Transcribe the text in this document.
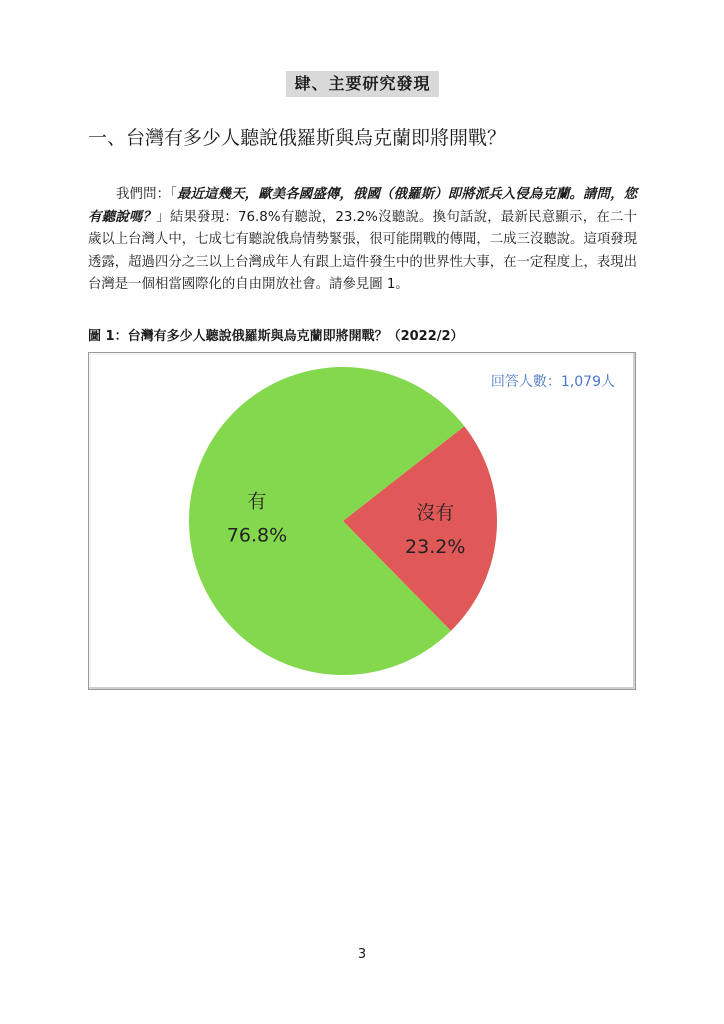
肆、主要研究發現
一、台灣有多少人聽說俄羅斯與烏克蘭即將開戰？

我們問：「最近這幾天，歐美各國盛傳，俄國（俄羅斯）即將派兵入侵烏克蘭。請問，您有聽說嗎？」結果發現：76.8%有聽說，23.2%沒聽說。換句話說，最新民意顯示，在二十歲以上台灣人中，七成七有聽說俄烏情勢緊張，很可能開戰的傳聞，二成三沒聽說。這項發現透露，超過四分之三以上台灣成年人有跟上這件發生中的世界性大事，在一定程度上，表現出台灣是一個相當國際化的自由開放社會。請參見圖 1。

圖 1：台灣有多少人聽說俄羅斯與烏克蘭即將開戰？（2022/2）
沒有
23.2%
有
76.8%
回答人數：1,079人
3
